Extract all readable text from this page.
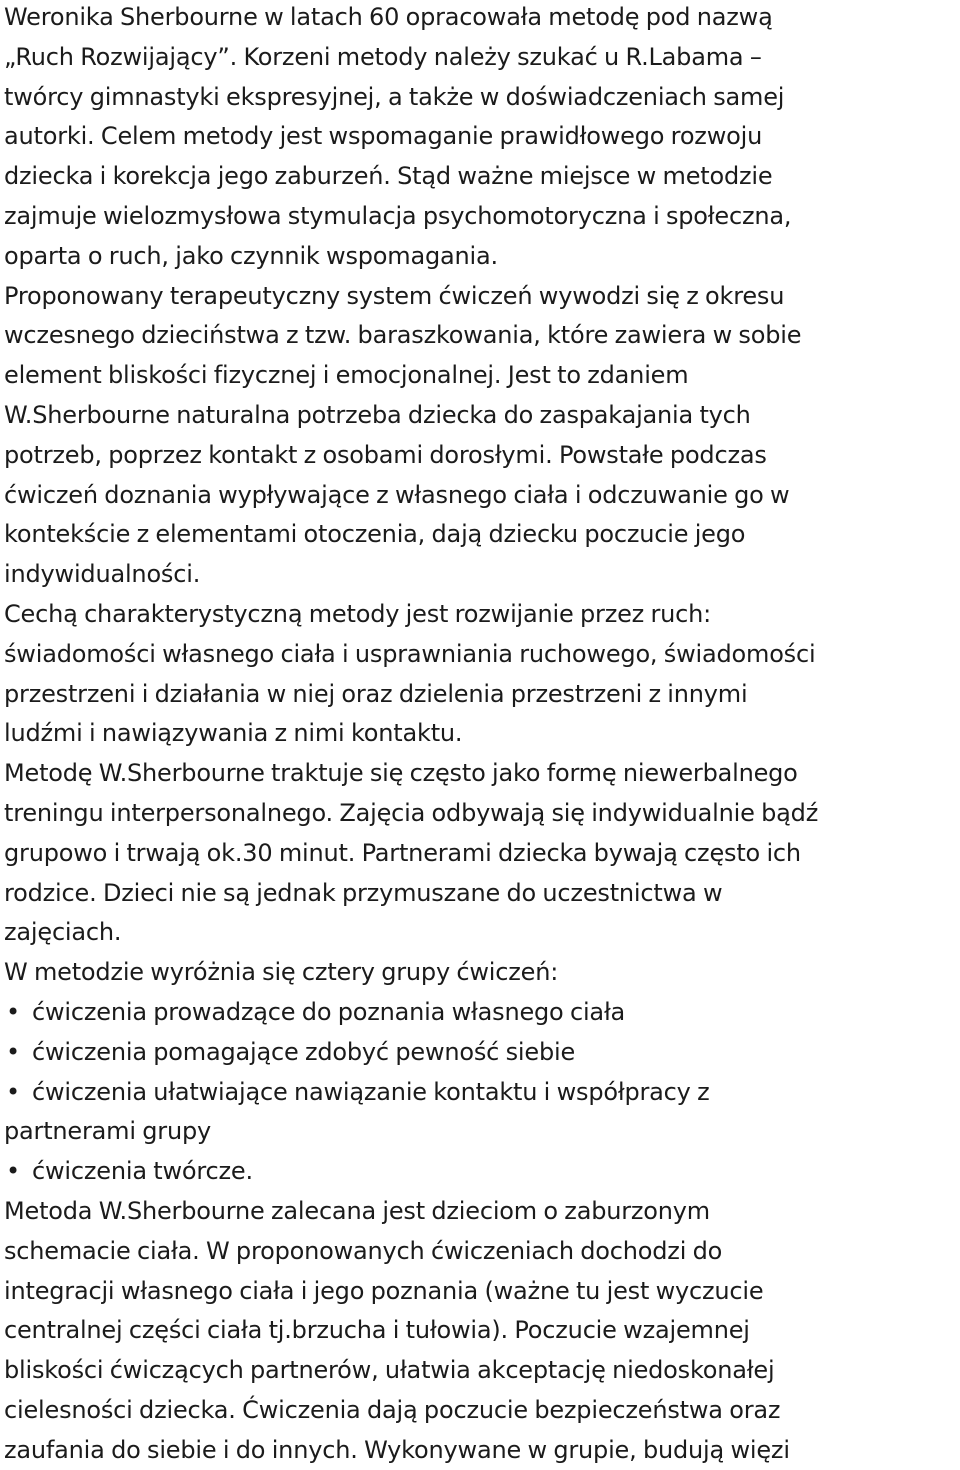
Weronika Sherbourne w latach 60 opracowała metodę pod nazwą
„Ruch Rozwijający”. Korzeni metody należy szukać u R.Labama –
twórcy gimnastyki ekspresyjnej, a także w doświadczeniach samej
autorki. Celem metody jest wspomaganie prawidłowego rozwoju
dziecka i korekcja jego zaburzeń. Stąd ważne miejsce w metodzie
zajmuje wielozmysłowa stymulacja psychomotoryczna i społeczna,
oparta o ruch, jako czynnik wspomagania.
Proponowany terapeutyczny system ćwiczeń wywodzi się z okresu
wczesnego dzieciństwa z tzw. baraszkowania, które zawiera w sobie
element bliskości fizycznej i emocjonalnej. Jest to zdaniem
W.Sherbourne naturalna potrzeba dziecka do zaspakajania tych
potrzeb, poprzez kontakt z osobami dorosłymi. Powstałe podczas
ćwiczeń doznania wypływające z własnego ciała i odczuwanie go w
kontekście z elementami otoczenia, dają dziecku poczucie jego
indywidualności.
Cechą charakterystyczną metody jest rozwijanie przez ruch:
świadomości własnego ciała i usprawniania ruchowego, świadomości
przestrzeni i działania w niej oraz dzielenia przestrzeni z innymi
ludźmi i nawiązywania z nimi kontaktu.
Metodę W.Sherbourne traktuje się często jako formę niewerbalnego
treningu interpersonalnego. Zajęcia odbywają się indywidualnie bądź
grupowo i trwają ok.30 minut. Partnerami dziecka bywają często ich
rodzice. Dzieci nie są jednak przymuszane do uczestnictwa w
zajęciach.
W metodzie wyróżnia się cztery grupy ćwiczeń:
• ćwiczenia prowadzące do poznania własnego ciała
• ćwiczenia pomagające zdobyć pewność siebie
• ćwiczenia ułatwiające nawiązanie kontaktu i współpracy z
partnerami grupy
• ćwiczenia twórcze.
Metoda W.Sherbourne zalecana jest dzieciom o zaburzonym
schemacie ciała. W proponowanych ćwiczeniach dochodzi do
integracji własnego ciała i jego poznania (ważne tu jest wyczucie
centralnej części ciała tj.brzucha i tułowia). Poczucie wzajemnej
bliskości ćwiczących partnerów, ułatwia akceptację niedoskonałej
cielesności dziecka. Ćwiczenia dają poczucie bezpieczeństwa oraz
zaufania do siebie i do innych. Wykonywane w grupie, budują więzi
